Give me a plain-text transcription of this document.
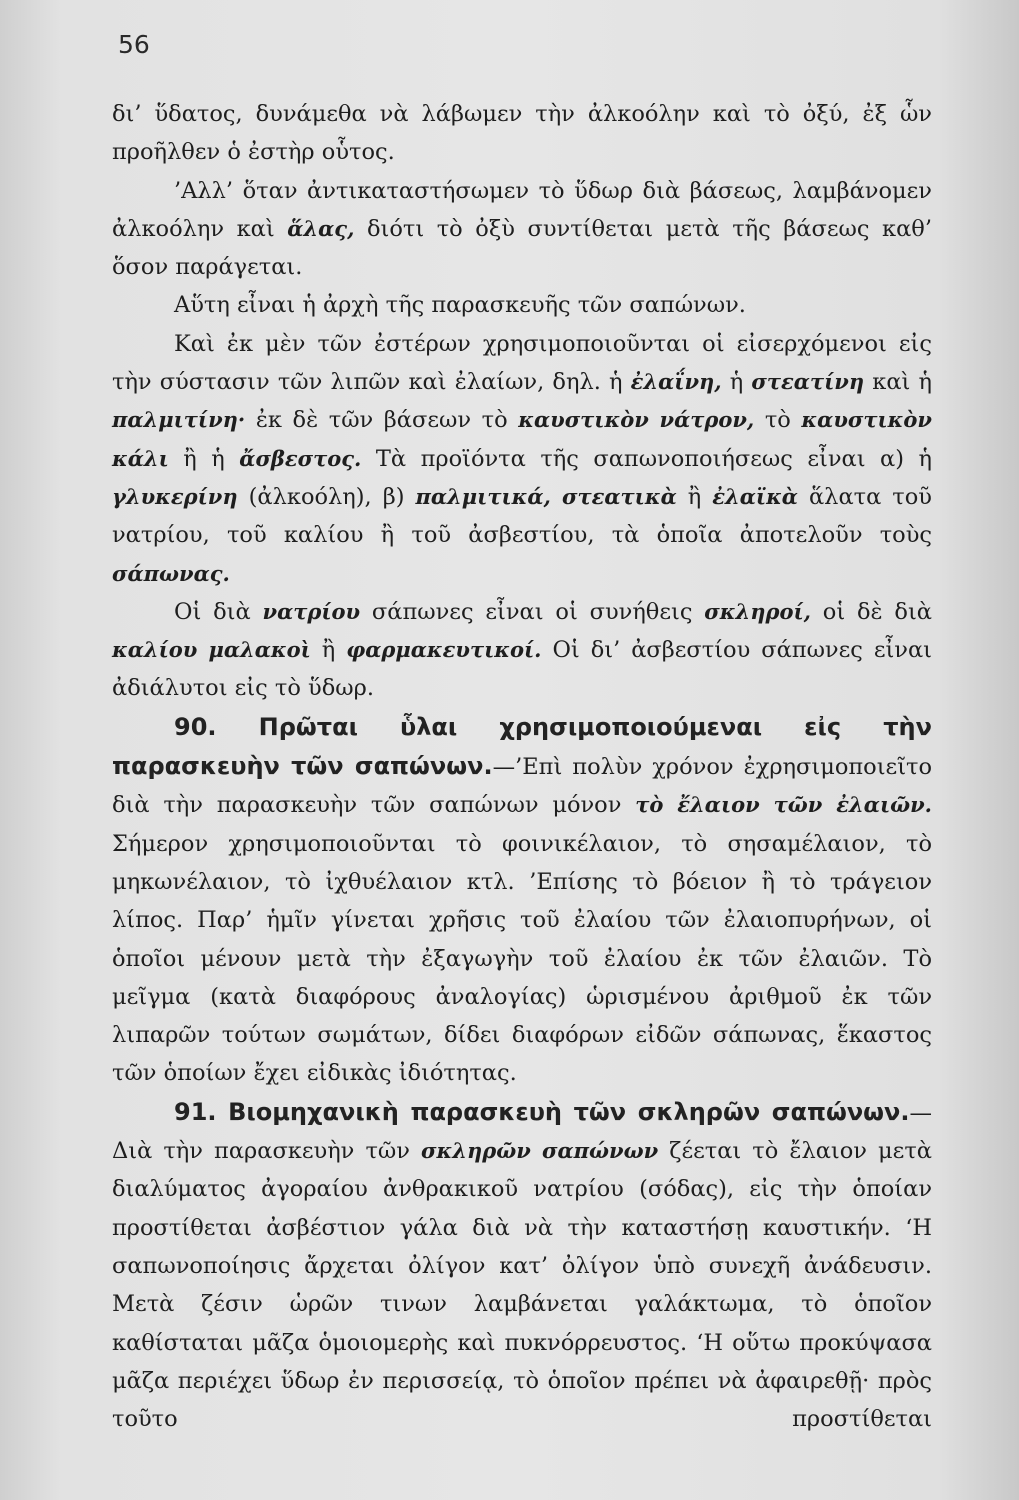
56

δι’ ὕδατος, δυνάμεθα νὰ λάβωμεν τὴν ἀλκοόλην καὶ τὸ ὀξύ, ἐξ ὧν προῆλθεν ὁ ἐστὴρ οὗτος.

’Αλλ’ ὅταν ἀντικαταστήσωμεν τὸ ὕδωρ διὰ βάσεως, λαμβάνομεν ἀλκοόλην καὶ ἅλας, διότι τὸ ὀξὺ συντίθεται μετὰ τῆς βάσεως καθ’ ὅσον παράγεται.

Αὕτη εἶναι ἡ ἀρχὴ τῆς παρασκευῆς τῶν σαπώνων.

Καὶ ἐκ μὲν τῶν ἐστέρων χρησιμοποιοῦνται οἱ εἰσερχόμενοι εἰς τὴν σύστασιν τῶν λιπῶν καὶ ἐλαίων, δηλ. ἡ ἐλαΐνη, ἡ στεατίνη καὶ ἡ παλμιτίνη· ἐκ δὲ τῶν βάσεων τὸ καυστικὸν νάτρον, τὸ καυστικὸν κάλι ἢ ἡ ἄσβεστος. Τὰ προϊόντα τῆς σαπωνοποιήσεως εἶναι α) ἡ γλυκερίνη (ἀλκοόλη), β) παλμιτικά, στεατικὰ ἢ ἐλαϊκὰ ἅλατα τοῦ νατρίου, τοῦ καλίου ἢ τοῦ ἀσβεστίου, τὰ ὁποῖα ἀποτελοῦν τοὺς σάπωνας.

Οἱ διὰ νατρίου σάπωνες εἶναι οἱ συνήθεις σκληροί, οἱ δὲ διὰ καλίου μαλακοὶ ἢ φαρμακευτικοί. Οἱ δι’ ἀσβεστίου σάπωνες εἶναι ἀδιάλυτοι εἰς τὸ ὕδωρ.

90. Πρῶται ὗλαι χρησιμοποιούμεναι εἰς τὴν παρασκευὴν τῶν σαπώνων.—’Επὶ πολὺν χρόνον ἐχρησιμοποιεῖτο διὰ τὴν παρασκευὴν τῶν σαπώνων μόνον τὸ ἔλαιον τῶν ἐλαιῶν. Σήμερον χρησιμοποιοῦνται τὸ φοινικέλαιον, τὸ σησαμέλαιον, τὸ μηκωνέλαιον, τὸ ἰχθυέλαιον κτλ. ’Επίσης τὸ βόειον ἢ τὸ τράγειον λίπος. Παρ’ ἡμῖν γίνεται χρῆσις τοῦ ἐλαίου τῶν ἐλαιοπυρήνων, οἱ ὁποῖοι μένουν μετὰ τὴν ἐξαγωγὴν τοῦ ἐλαίου ἐκ τῶν ἐλαιῶν. Τὸ μεῖγμα (κατὰ διαφόρους ἀναλογίας) ὡρισμένου ἀριθμοῦ ἐκ τῶν λιπαρῶν τούτων σωμάτων, δίδει διαφόρων εἰδῶν σάπωνας, ἕκαστος τῶν ὁποίων ἔχει εἰδικὰς ἰδιότητας.

91. Βιομηχανικὴ παρασκευὴ τῶν σκληρῶν σαπώνων.— Διὰ τὴν παρασκευὴν τῶν σκληρῶν σαπώνων ζέεται τὸ ἔλαιον μετὰ διαλύματος ἀγοραίου ἀνθρακικοῦ νατρίου (σόδας), εἰς τὴν ὁποίαν προστίθεται ἀσβέστιον γάλα διὰ νὰ τὴν καταστήσῃ καυστικήν. ‘Η σαπωνοποίησις ἄρχεται ὀλίγον κατ’ ὀλίγον ὑπὸ συνεχῆ ἀνάδευσιν. Μετὰ ζέσιν ὡρῶν τινων λαμβάνεται γαλάκτωμα, τὸ ὁποῖον καθίσταται μᾶζα ὁμοιομερὴς καὶ πυκνόρρευστος. ‘Η οὕτω προκύψασα μᾶζα περιέχει ὕδωρ ἐν περισσείᾳ, τὸ ὁποῖον πρέπει νὰ ἀφαιρεθῇ· πρὸς τοῦτο προστίθεται
